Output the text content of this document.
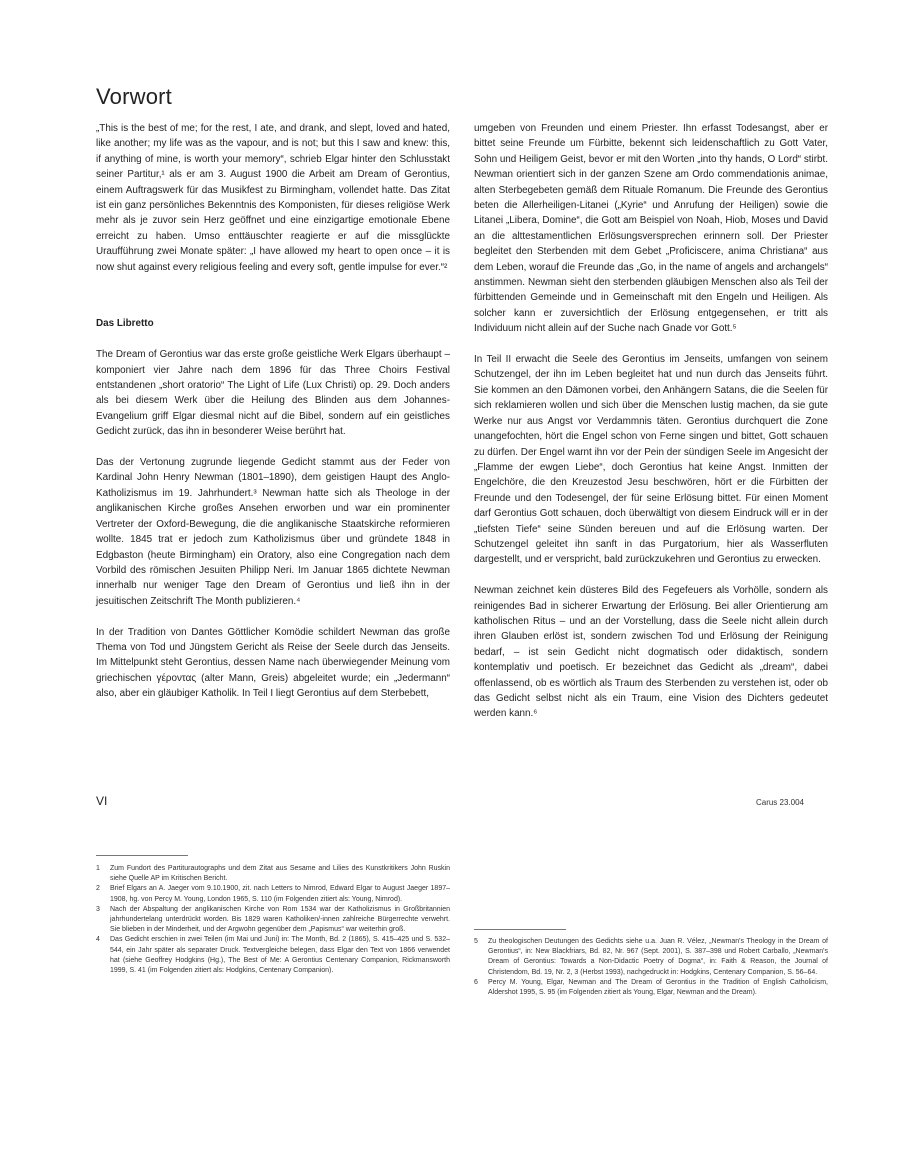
Vorwort

„This is the best of me; for the rest, I ate, and drank, and slept, loved and hated, like another; my life was as the vapour, and is not; but this I saw and knew: this, if anything of mine, is worth your memory“, schrieb Elgar hinter den Schlusstakt seiner Partitur,¹ als er am 3. August 1900 die Arbeit am Dream of Gerontius, einem Auftragswerk für das Musikfest zu Birmingham, vollendet hatte. Das Zitat ist ein ganz persönliches Bekenntnis des Komponisten, für dieses religiöse Werk mehr als je zuvor sein Herz geöffnet und eine einzigartige emotionale Ebene erreicht zu haben. Umso enttäuschter reagierte er auf die missglückte Uraufführung zwei Monate später: „I have allowed my heart to open once – it is now shut against every religious feeling and every soft, gentle impulse for ever.“²

Das Libretto

The Dream of Gerontius war das erste große geistliche Werk Elgars überhaupt – komponiert vier Jahre nach dem 1896 für das Three Choirs Festival entstandenen „short oratorio“ The Light of Life (Lux Christi) op. 29. Doch anders als bei diesem Werk über die Heilung des Blinden aus dem Johannes-Evangelium griff Elgar diesmal nicht auf die Bibel, sondern auf ein geistliches Gedicht zurück, das ihn in besonderer Weise berührt hat.

Das der Vertonung zugrunde liegende Gedicht stammt aus der Feder von Kardinal John Henry Newman (1801–1890), dem geistigen Haupt des Anglo-Katholizismus im 19. Jahrhundert.³ Newman hatte sich als Theologe in der anglikanischen Kirche großes Ansehen erworben und war ein prominenter Vertreter der Oxford-Bewegung, die die anglikanische Staatskirche reformieren wollte. 1845 trat er jedoch zum Katholizismus über und gründete 1848 in Edgbaston (heute Birmingham) ein Oratory, also eine Congregation nach dem Vorbild des römischen Jesuiten Philipp Neri. Im Januar 1865 dichtete Newman innerhalb nur weniger Tage den Dream of Gerontius und ließ ihn in der jesuitischen Zeitschrift The Month publizieren.⁴

In der Tradition von Dantes Göttlicher Komödie schildert Newman das große Thema von Tod und Jüngstem Gericht als Reise der Seele durch das Jenseits. Im Mittelpunkt steht Gerontius, dessen Name nach überwiegender Meinung vom griechischen γέροντας (alter Mann, Greis) abgeleitet wurde; ein „Jedermann“ also, aber ein gläubiger Katholik. In Teil I liegt Gerontius auf dem Sterbebett,

umgeben von Freunden und einem Priester. Ihn erfasst Todesangst, aber er bittet seine Freunde um Fürbitte, bekennt sich leidenschaftlich zu Gott Vater, Sohn und Heiligem Geist, bevor er mit den Worten „into thy hands, O Lord“ stirbt. Newman orientiert sich in der ganzen Szene am Ordo commendationis animae, alten Sterbegebeten gemäß dem Rituale Romanum. Die Freunde des Gerontius beten die Allerheiligen-Litanei („Kyrie“ und Anrufung der Heiligen) sowie die Litanei „Libera, Domine“, die Gott am Beispiel von Noah, Hiob, Moses und David an die alttestamentlichen Erlösungsversprechen erinnern soll. Der Priester begleitet den Sterbenden mit dem Gebet „Proficiscere, anima Christiana“ aus dem Leben, worauf die Freunde das „Go, in the name of angels and archangels“ anstimmen. Newman sieht den sterbenden gläubigen Menschen also als Teil der fürbittenden Gemeinde und in Gemeinschaft mit den Engeln und Heiligen. Als solcher kann er zuversichtlich der Erlösung entgegensehen, er tritt als Individuum nicht allein auf der Suche nach Gnade vor Gott.⁵

In Teil II erwacht die Seele des Gerontius im Jenseits, umfangen von seinem Schutzengel, der ihn im Leben begleitet hat und nun durch das Jenseits führt. Sie kommen an den Dämonen vorbei, den Anhängern Satans, die die Seelen für sich reklamieren wollen und sich über die Menschen lustig machen, da sie gute Werke nur aus Angst vor Verdammnis täten. Gerontius durchquert die Zone unangefochten, hört die Engel schon von Ferne singen und bittet, Gott schauen zu dürfen. Der Engel warnt ihn vor der Pein der sündigen Seele im Angesicht der „Flamme der ewgen Liebe“, doch Gerontius hat keine Angst. Inmitten der Engelchöre, die den Kreuzestod Jesu beschwören, hört er die Fürbitten der Freunde und den Todesengel, der für seine Erlösung bittet. Für einen Moment darf Gerontius Gott schauen, doch überwältigt von diesem Eindruck will er in der „tiefsten Tiefe“ seine Sünden bereuen und auf die Erlösung warten. Der Schutzengel geleitet ihn sanft in das Purgatorium, hier als Wasserfluten dargestellt, und er verspricht, bald zurückzukehren und Gerontius zu erwecken.

Newman zeichnet kein düsteres Bild des Fegefeuers als Vorhölle, sondern als reinigendes Bad in sicherer Erwartung der Erlösung. Bei aller Orientierung am katholischen Ritus – und an der Vorstellung, dass die Seele nicht allein durch ihren Glauben erlöst ist, sondern zwischen Tod und Erlösung der Reinigung bedarf, – ist sein Gedicht nicht dogmatisch oder didaktisch, sondern kontemplativ und poetisch. Er bezeichnet das Gedicht als „dream“, dabei offenlassend, ob es wörtlich als Traum des Sterbenden zu verstehen ist, oder ob das Gedicht selbst nicht als ein Traum, eine Vision des Dichters gedeutet werden kann.⁶

1	Zum Fundort des Partiturautographs und dem Zitat aus Sesame and Lilies des Kunstkritikers John Ruskin siehe Quelle AP im Kritischen Bericht.
2	Brief Elgars an A. Jaeger vom 9.10.1900, zit. nach Letters to Nimrod, Edward Elgar to August Jaeger 1897–1908, hg. von Percy M. Young, London 1965, S. 110 (im Folgenden zitiert als: Young, Nimrod).
3	Nach der Abspaltung der anglikanischen Kirche von Rom 1534 war der Katholizismus in Großbritannien jahrhundertelang unterdrückt worden. Bis 1829 waren Katholiken/-innen zahlreiche Bürgerrechte verwehrt. Sie blieben in der Minderheit, und der Argwohn gegenüber dem „Papismus“ war weiterhin groß.
4	Das Gedicht erschien in zwei Teilen (im Mai und Juni) in: The Month, Bd. 2 (1865), S. 415–425 und S. 532–544, ein Jahr später als separater Druck. Textvergleiche belegen, dass Elgar den Text von 1866 verwendet hat (siehe Geoffrey Hodgkins (Hg.), The Best of Me: A Gerontius Centenary Companion, Rickmansworth 1999, S. 41 (im Folgenden zitiert als: Hodgkins, Centenary Companion).
5	Zu theologischen Deutungen des Gedichts siehe u.a. Juan R. Vélez, „Newman's Theology in the Dream of Gerontius“, in: New Blackfriars, Bd. 82, Nr. 967 (Sept. 2001), S. 387–398 und Robert Carballo, „Newman's Dream of Gerontius: Towards a Non-Didactic Poetry of Dogma“, in: Faith & Reason, the Journal of Christendom, Bd. 19, Nr. 2, 3 (Herbst 1993), nachgedruckt in: Hodgkins, Centenary Companion, S. 56–64.
6	Percy M. Young, Elgar, Newman and The Dream of Gerontius in the Tradition of English Catholicism, Aldershot 1995, S. 95 (im Folgenden zitiert als Young, Elgar, Newman and the Dream).
VI	Carus 23.004
